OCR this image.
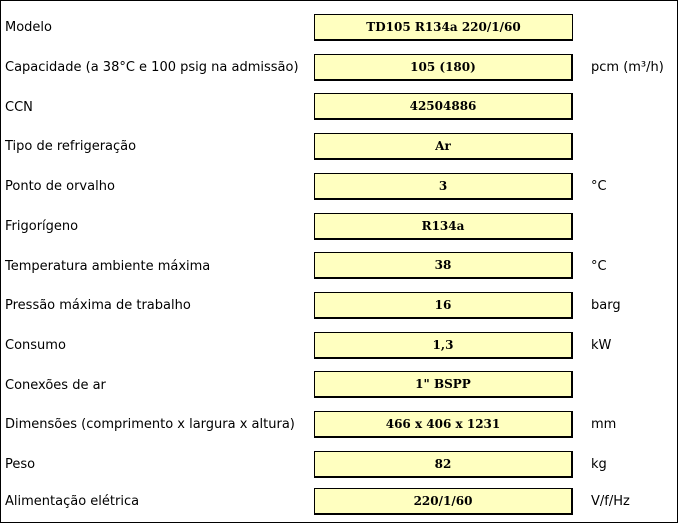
Modelo	TD105 R134a 220/1/60
Capacidade (a 38°C e 100 psig na admissão)	105 (180)	pcm (m³/h)
CCN	42504886
Tipo de refrigeração	Ar
Ponto de orvalho	3	°C
Frigorígeno	R134a
Temperatura ambiente máxima	38	°C
Pressão máxima de trabalho	16	barg
Consumo	1,3	kW
Conexões de ar	1" BSPP
Dimensões (comprimento x largura x altura)	466 x 406 x 1231	mm
Peso	82	kg
Alimentação elétrica	220/1/60	V/f/Hz
